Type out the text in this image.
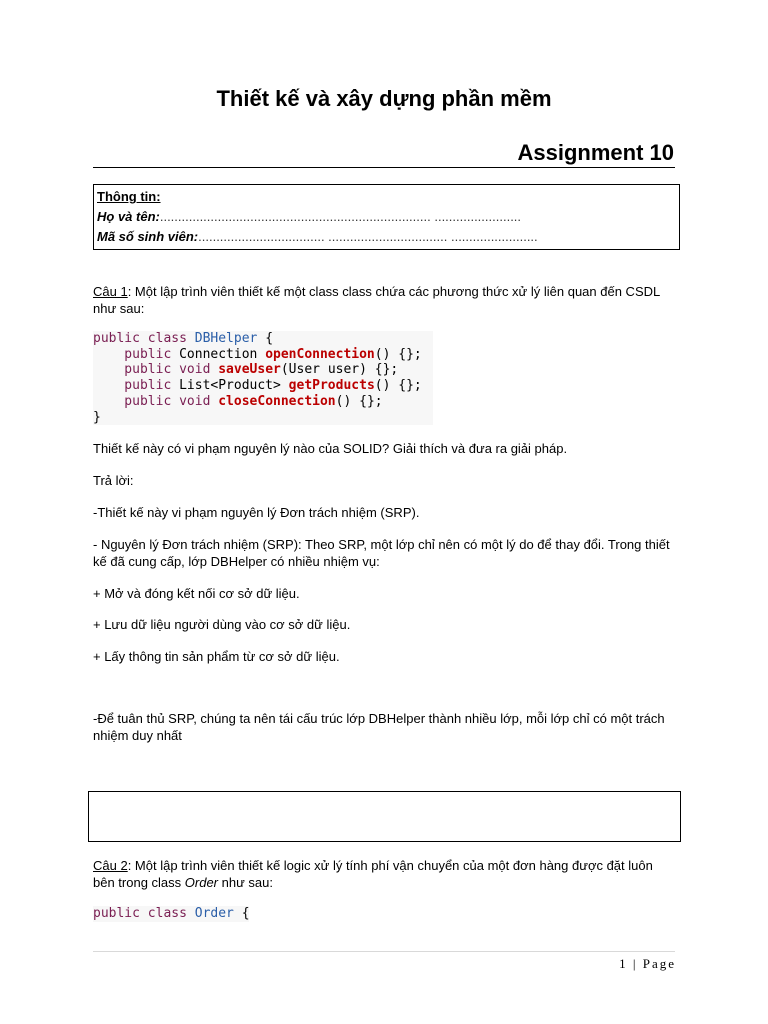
Thiết kế và xây dựng phần mềm
Assignment 10
Thông tin:
Họ và tên:........................................................................... ........................
Mã số sinh viên:................................... ................................. ........................
Câu 1: Một lập trình viên thiết kế một class class chứa các phương thức xử lý liên quan đến CSDL như sau:
public class DBHelper {
public Connection openConnection() {};
public void saveUser(User user) {};
public List<Product> getProducts() {};
public void closeConnection() {};
}
Thiết kế này có vi phạm nguyên lý nào của SOLID? Giải thích và đưa ra giải pháp.
Trả lời:
-Thiết kế này vi phạm nguyên lý Đơn trách nhiệm (SRP).
- Nguyên lý Đơn trách nhiệm (SRP): Theo SRP, một lớp chỉ nên có một lý do để thay đổi. Trong thiết kế đã cung cấp, lớp DBHelper có nhiều nhiệm vụ:
+ Mở và đóng kết nối cơ sở dữ liệu.
+ Lưu dữ liệu người dùng vào cơ sở dữ liệu.
+ Lấy thông tin sản phẩm từ cơ sở dữ liệu.
-Để tuân thủ SRP, chúng ta nên tái cấu trúc lớp DBHelper thành nhiều lớp, mỗi lớp chỉ có một trách nhiệm duy nhất
Câu 2: Một lập trình viên thiết kế logic xử lý tính phí vận chuyển của một đơn hàng được đặt luôn bên trong class Order như sau:
public class Order {
1 | Page
